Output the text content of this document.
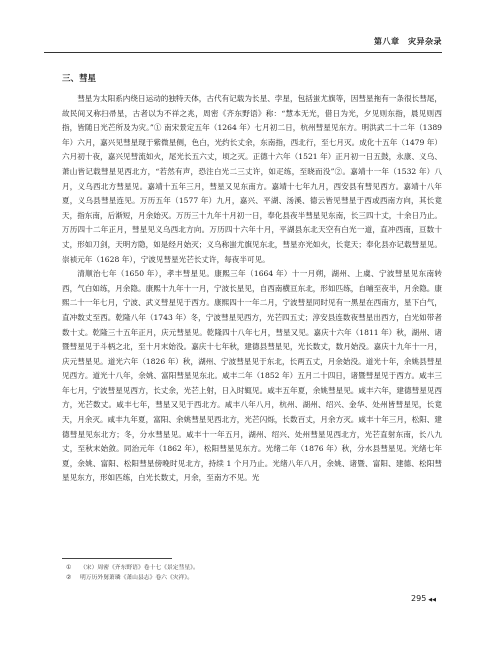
第八章　灾异杂录
三、彗星

彗星为太阳系内绕日运动的独特天体，古代有记载为长星、孛星，包括蚩尤旗等，因彗星拖有一条很长彗尾，故民间又称扫帚星，古者以为不祥之兆，周密《齐东野语》称：“慧本无光，借日为光，夕见则东指，晨见则西指，皆随日光芒所及为灾。”① 南宋景定五年（1264 年）七月初二日，杭州彗星见东方。明洪武二十二年（1389 年）六月，嘉兴见彗星现于紫微星侧，色白，光约长丈余，东南指，西北行，至七月灭。成化十五年（1479 年）六月初十夜，嘉兴见彗流如火，尾光长五六丈，顷之灭。正德十六年（1521 年）正月初一日五鼓，永康、义乌、萧山皆记载彗星见西北方，“若然有声，恐注白光二三丈许，如疋练，至晓而没”②。嘉靖十一年（1532 年）八月，义乌西北方彗星见。嘉靖十五年三月，彗星又见东南方。嘉靖十七年九月，西安县有彗见西方。嘉靖十八年夏，义乌县彗星连见。万历五年（1577 年）九月，嘉兴、平湖、汤溪、德云皆见彗星于西或西南方向，其长竟天，指东南，后渐短，月余始灭。万历三十九年十月初一日，奉化县夜半彗星见东南，长三四十丈，十余日乃止。万历四十二年正月，彗星见义乌西北方向。万历四十六年十月，平湖县东北天空有白光一道，直冲西南，亘数十丈，形如刀剑，天明方隐，如是经月始灭；义乌称蚩尤旗见东北，彗星亦光如火，长竟天；奉化县亦记载彗星见。崇祯元年（1628 年），宁波见彗星光芒长丈许，每夜半可见。

清顺治七年（1650 年），孝丰彗星见。康熙三年（1664 年）十一月朔，湖州、上虞、宁波彗星见东南转西，气白如练，月余隐。康熙十九年十一月，宁波长星见，自西南横亘东北，形如匹练，自晡至夜半，月余隐。康熙二十一年七月，宁波、武义彗星见于西方。康熙四十一年二月，宁波彗星同时见有一黑星在西南方，星下白气，直冲数丈至西。乾隆八年（1743 年）冬，宁波彗星见西方，光芒四五丈；淳安县连数夜彗星出西方，白光如带者数十丈。乾隆三十五年正月，庆元彗星见。乾隆四十八年七月，彗星又见。嘉庆十六年（1811 年）秋，湖州、诸暨彗星见于斗柄之北，至十月末始没。嘉庆十七年秋，建德县彗星见，光长数丈，数月始没。嘉庆十九年十一月，庆元彗星见。道光六年（1826 年）秋，湖州、宁波彗星见于东北，长两五丈，月余始没。道光十年，余姚县彗星见西方。道光十八年，余姚、富阳彗星见东北。咸丰二年（1852 年）五月二十四日，诸暨彗星见于西方。咸丰三年七月，宁波彗星见西方，长丈余，光芒上射，日入时辄见。咸丰五年夏，余姚彗星见。咸丰六年，建德彗星见西方，光芒数丈。咸丰七年，彗星又见于西北方。咸丰八年八月，杭州、湖州、绍兴、金华、处州皆彗星见，长竟天，月余灭。咸丰九年夏，富阳、余姚彗星见西北方，光芒闪烁，长数百丈，月余方灭。咸丰十年三月，松阳、建德彗星见东北方；冬，分水彗星见。咸丰十一年五月，湖州、绍兴、处州彗星见西北方，光芒直射东南，长八九丈，至秋末始敛。同治元年（1862 年），松阳彗星见东方。光绪二年（1876 年）秋，分水县彗星见。光绪七年夏，余姚、富阳、松阳彗星傍晚时见北方，持续 1 个月乃止。光绪八年八月，余姚、诸暨、富阳、建德、松阳彗星见东方，形如匹练，白光长数丈，月余，至南方不见。光

① （宋）周密《齐东野语》卷十七《景定彗星》。
② 明万历外舅萧璘《萧山县志》卷六《灾祥》。
295 ◀◀
